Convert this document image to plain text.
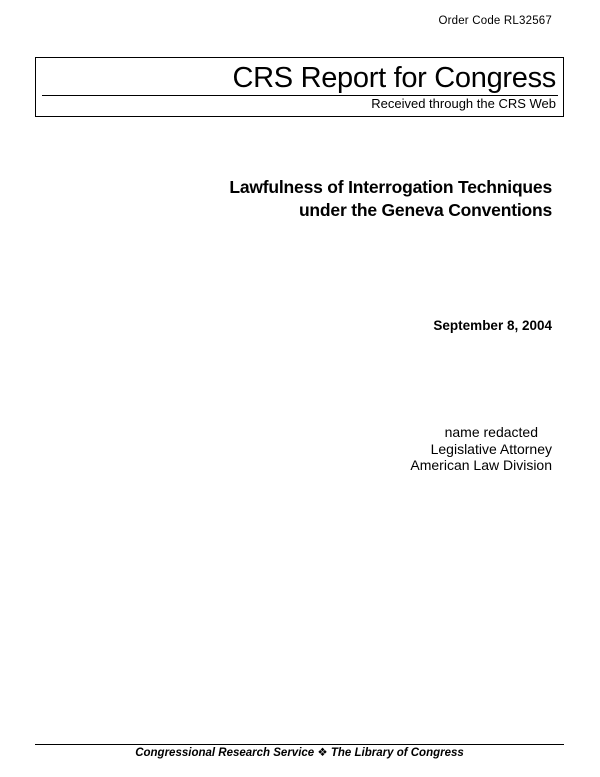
Order Code RL32567
CRS Report for Congress
Received through the CRS Web
Lawfulness of Interrogation Techniques
under the Geneva Conventions
September 8, 2004
name redacted
Legislative Attorney
American Law Division
Congressional Research Service ❖ The Library of Congress
